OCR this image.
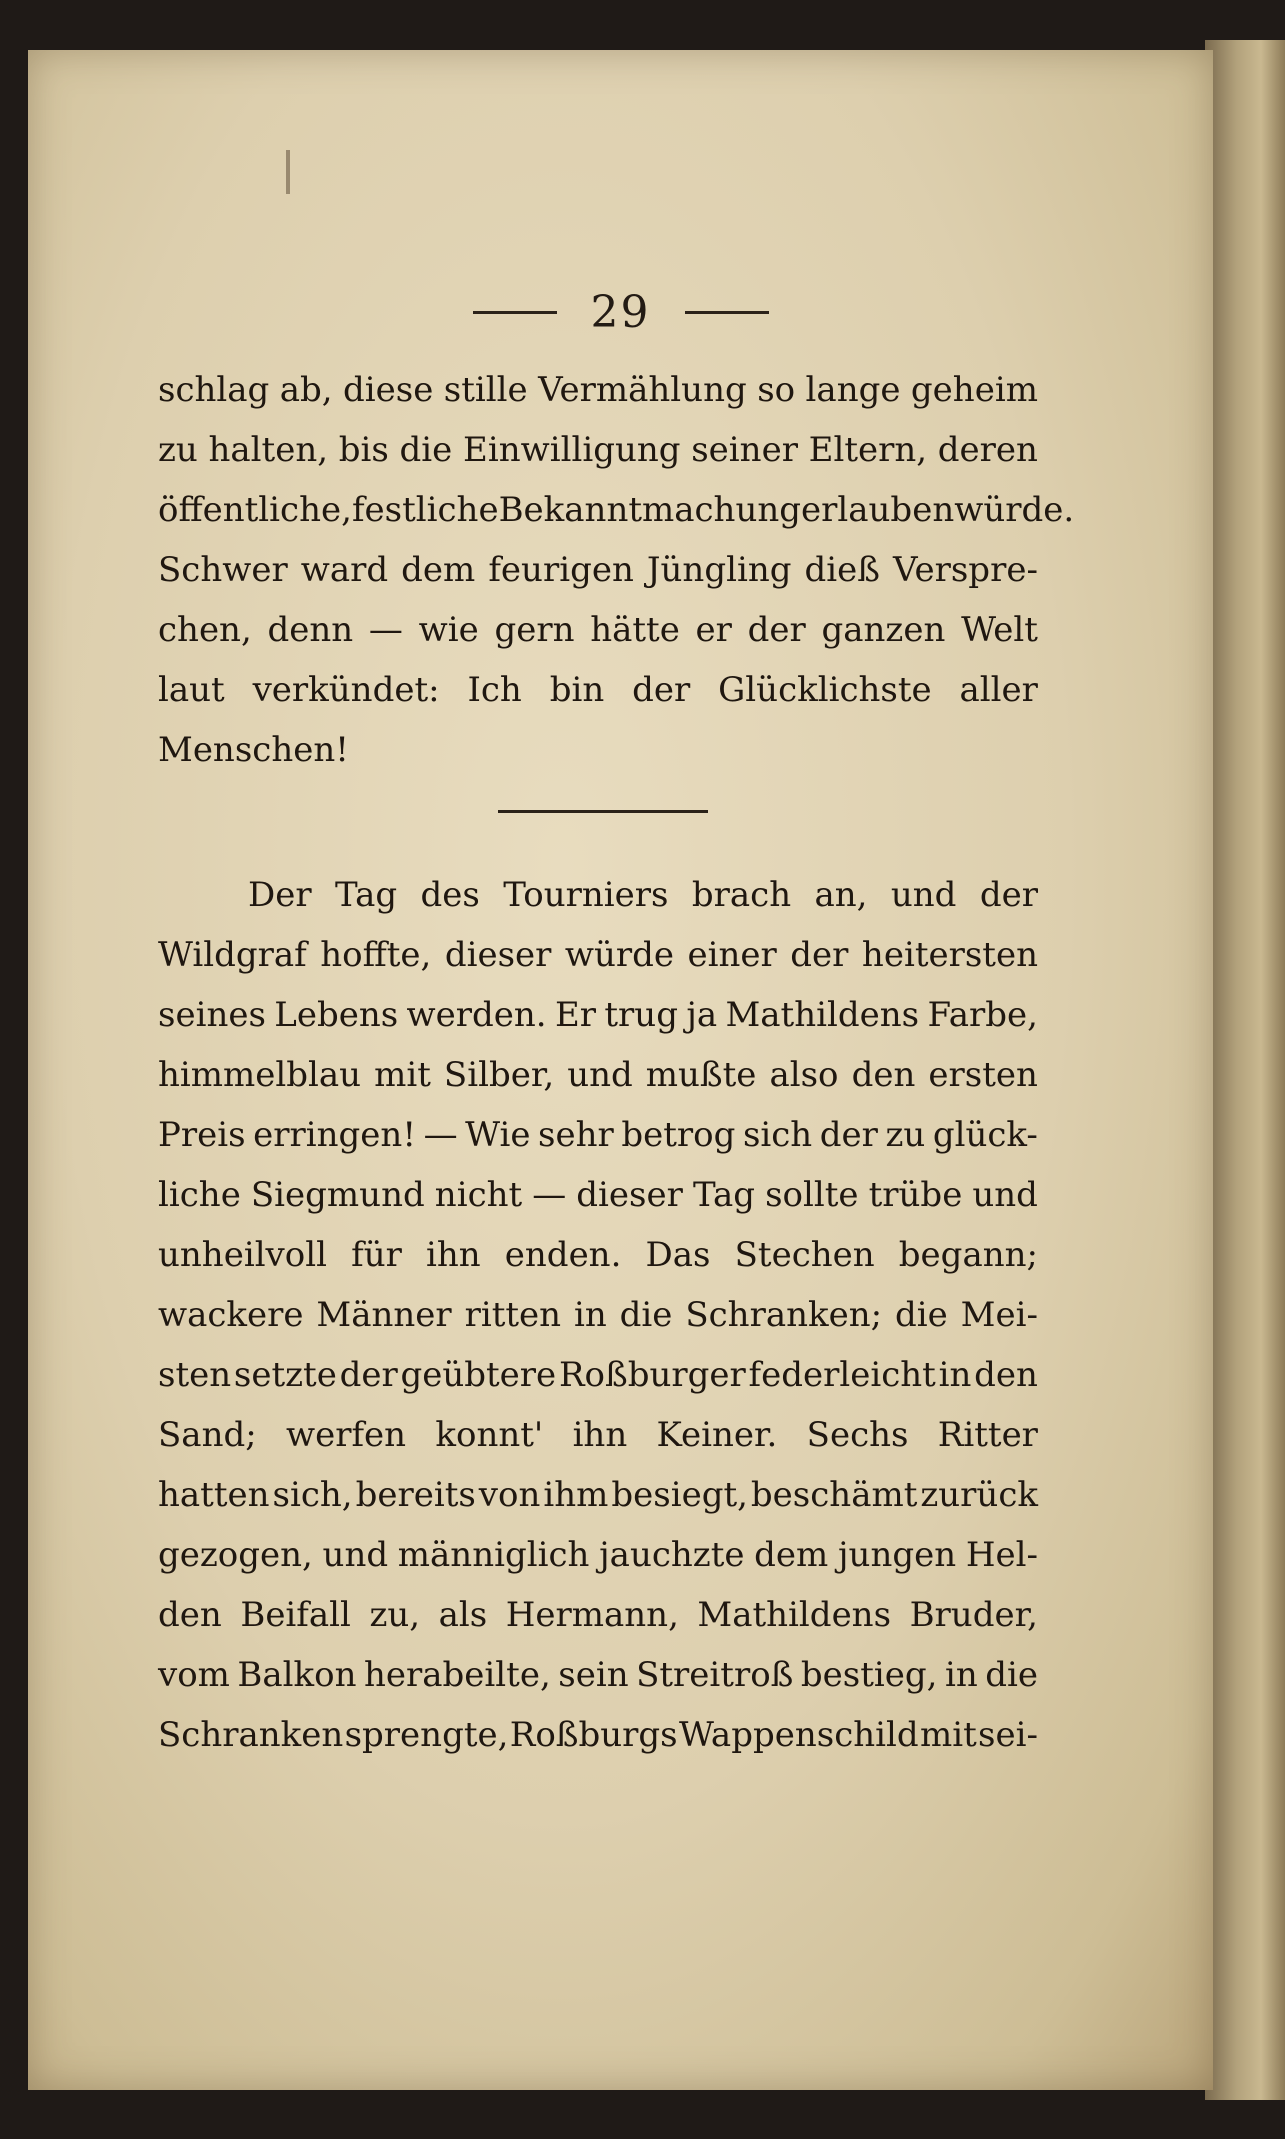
29
schlag ab, diese stille Vermählung so lange geheim
zu halten, bis die Einwilligung seiner Eltern, deren
öffentliche, festliche Bekanntmachung erlauben würde.
Schwer ward dem feurigen Jüngling dieß Verspre-
chen, denn — wie gern hätte er der ganzen Welt
laut verkündet: Ich bin der Glücklichste aller
Menschen!
Der Tag des Tourniers brach an, und der
Wildgraf hoffte, dieser würde einer der heitersten
seines Lebens werden. Er trug ja Mathildens Farbe,
himmelblau mit Silber, und mußte also den ersten
Preis erringen! — Wie sehr betrog sich der zu glück-
liche Siegmund nicht — dieser Tag sollte trübe und
unheilvoll für ihn enden. Das Stechen begann;
wackere Männer ritten in die Schranken; die Mei-
sten setzte der geübtere Roßburger federleicht in den
Sand; werfen konnt' ihn Keiner. Sechs Ritter
hatten sich, bereits von ihm besiegt, beschämt zurück
gezogen, und männiglich jauchzte dem jungen Hel-
den Beifall zu, als Hermann, Mathildens Bruder,
vom Balkon herabeilte, sein Streitroß bestieg, in die
Schranken sprengte, Roßburgs Wappenschild mit sei-
